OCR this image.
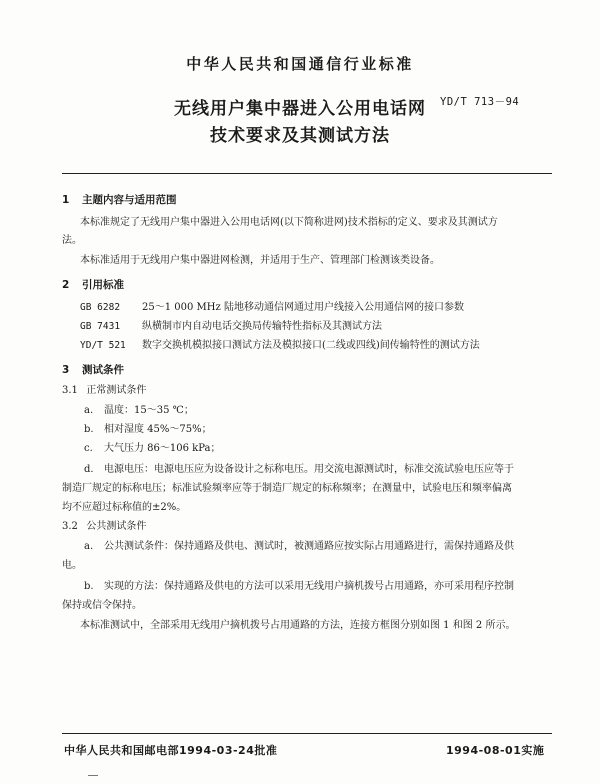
中华人民共和国通信行业标准
无线用户集中器进入公用电话网
技术要求及其测试方法
YD/T 713－94
1 主题内容与适用范围
本标准规定了无线用户集中器进入公用电话网(以下简称进网)技术指标的定义、要求及其测试方
法。
本标准适用于无线用户集中器进网检测，并适用于生产、管理部门检测该类设备。
2 引用标准
GB 6282 25～1 000 MHz 陆地移动通信网通过用户线接入公用通信网的接口参数
GB 7431 纵横制市内自动电话交换局传输特性指标及其测试方法
YD/T 521 数字交换机模拟接口测试方法及模拟接口(二线或四线)间传输特性的测试方法
3 测试条件
3.1 正常测试条件
a. 温度：15～35 ℃；
b. 相对湿度 45%～75%；
c. 大气压力 86～106 kPa；
d. 电源电压：电源电压应为设备设计之标称电压。用交流电源测试时，标准交流试验电压应等于
制造厂规定的标称电压；标准试验频率应等于制造厂规定的标称频率；在测量中，试验电压和频率偏离
均不应超过标称值的±2%。
3.2 公共测试条件
a. 公共测试条件：保持通路及供电、测试时，被测通路应按实际占用通路进行，需保持通路及供
电。
b. 实现的方法：保持通路及供电的方法可以采用无线用户摘机拨号占用通路，亦可采用程序控制
保持或信令保持。
本标准测试中，全部采用无线用户摘机拨号占用通路的方法，连接方框图分别如图 1 和图 2 所示。
中华人民共和国邮电部1994-03-24批准	1994-08-01实施
